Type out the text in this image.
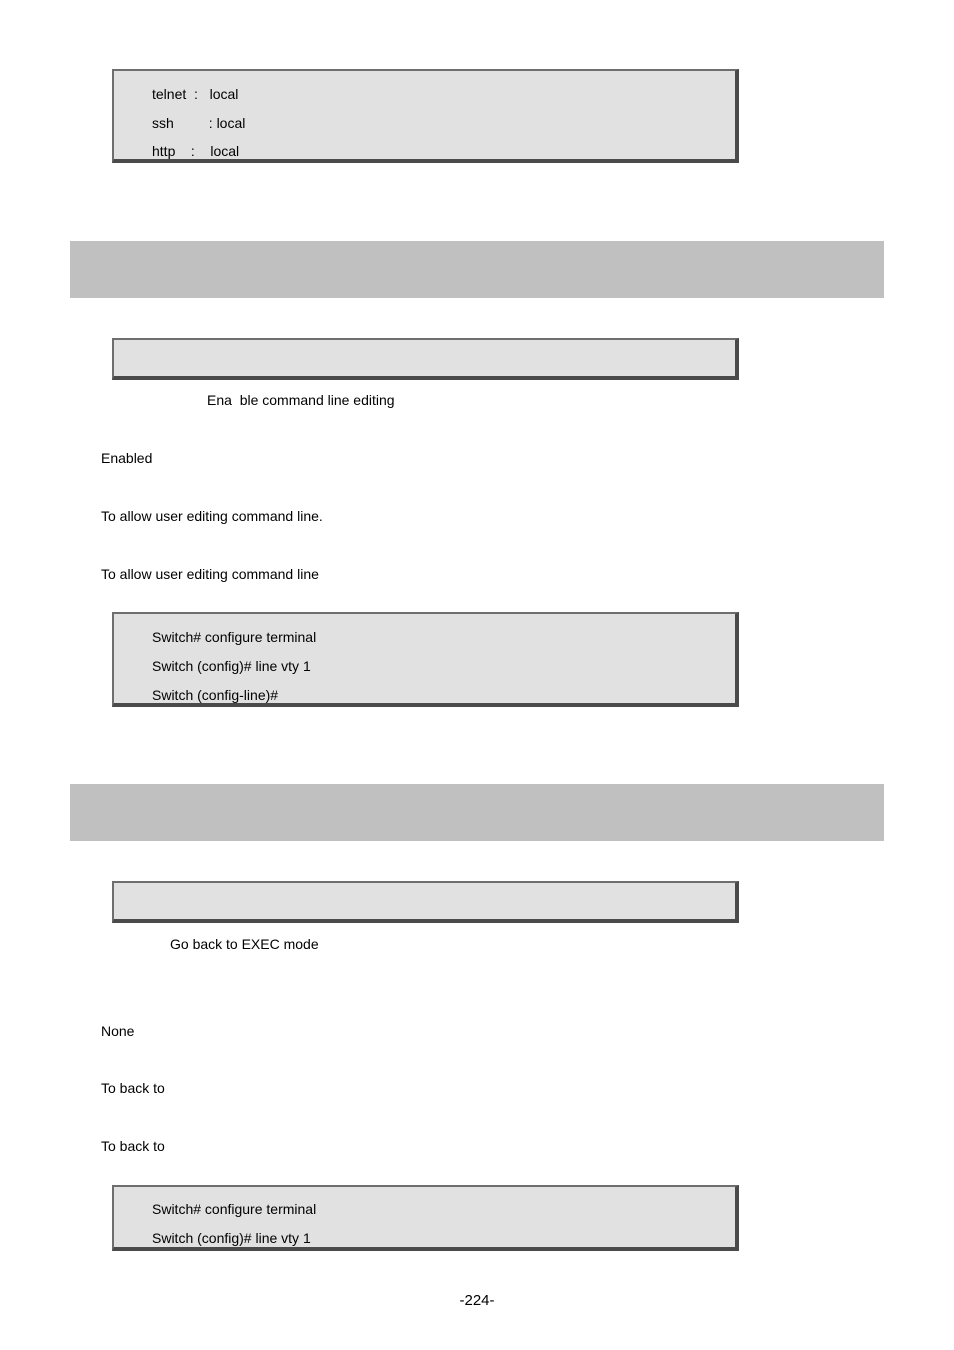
telnet  :   local
ssh         : local
http    :    local
Ena  ble command line editing
Enabled
To allow user editing command line.
To allow user editing command line
Switch# configure terminal
Switch (config)# line vty 1
Switch (config-line)#
Go back to EXEC mode
None
To back to
To back to
Switch# configure terminal
Switch (config)# line vty 1
-224-
